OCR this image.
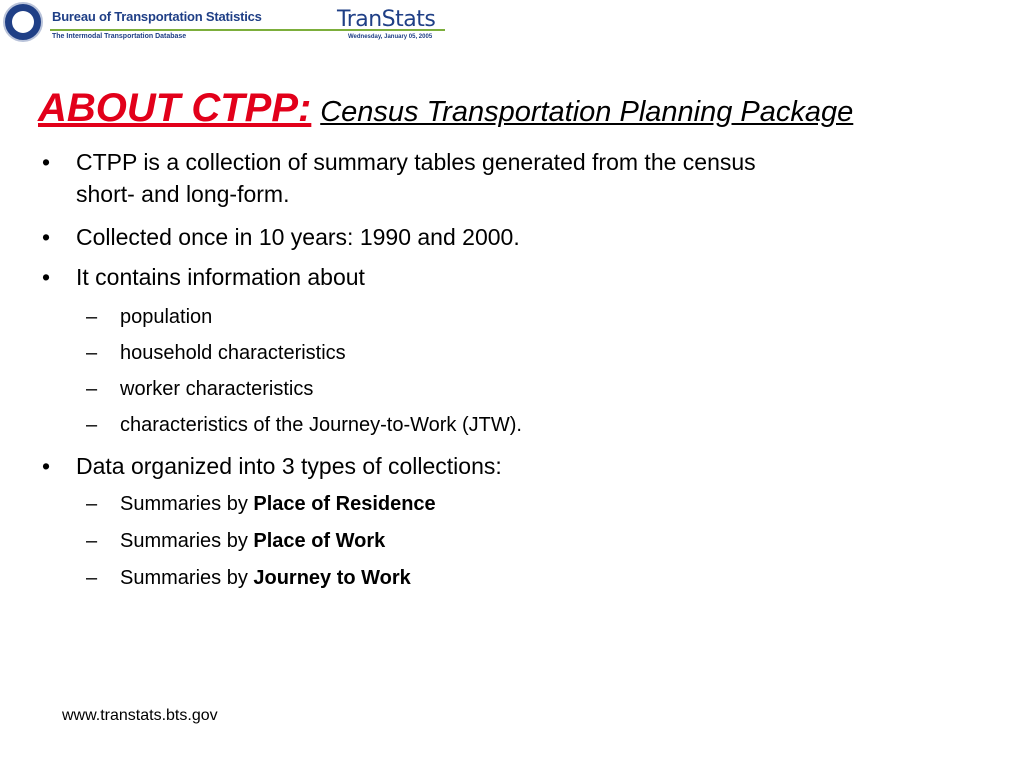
Bureau of Transportation Statistics
The Intermodal Transportation Database
TranStats
Wednesday, January 05, 2005
ABOUT CTPP: Census Transportation Planning Package
• CTPP is a collection of summary tables generated from the census
short- and long-form.
• Collected once in 10 years: 1990 and 2000.
• It contains information about
– population
– household characteristics
– worker characteristics
– characteristics of the Journey-to-Work (JTW).
• Data organized into 3 types of collections:
– Summaries by Place of Residence
– Summaries by Place of Work
– Summaries by Journey to Work
www.transtats.bts.gov
